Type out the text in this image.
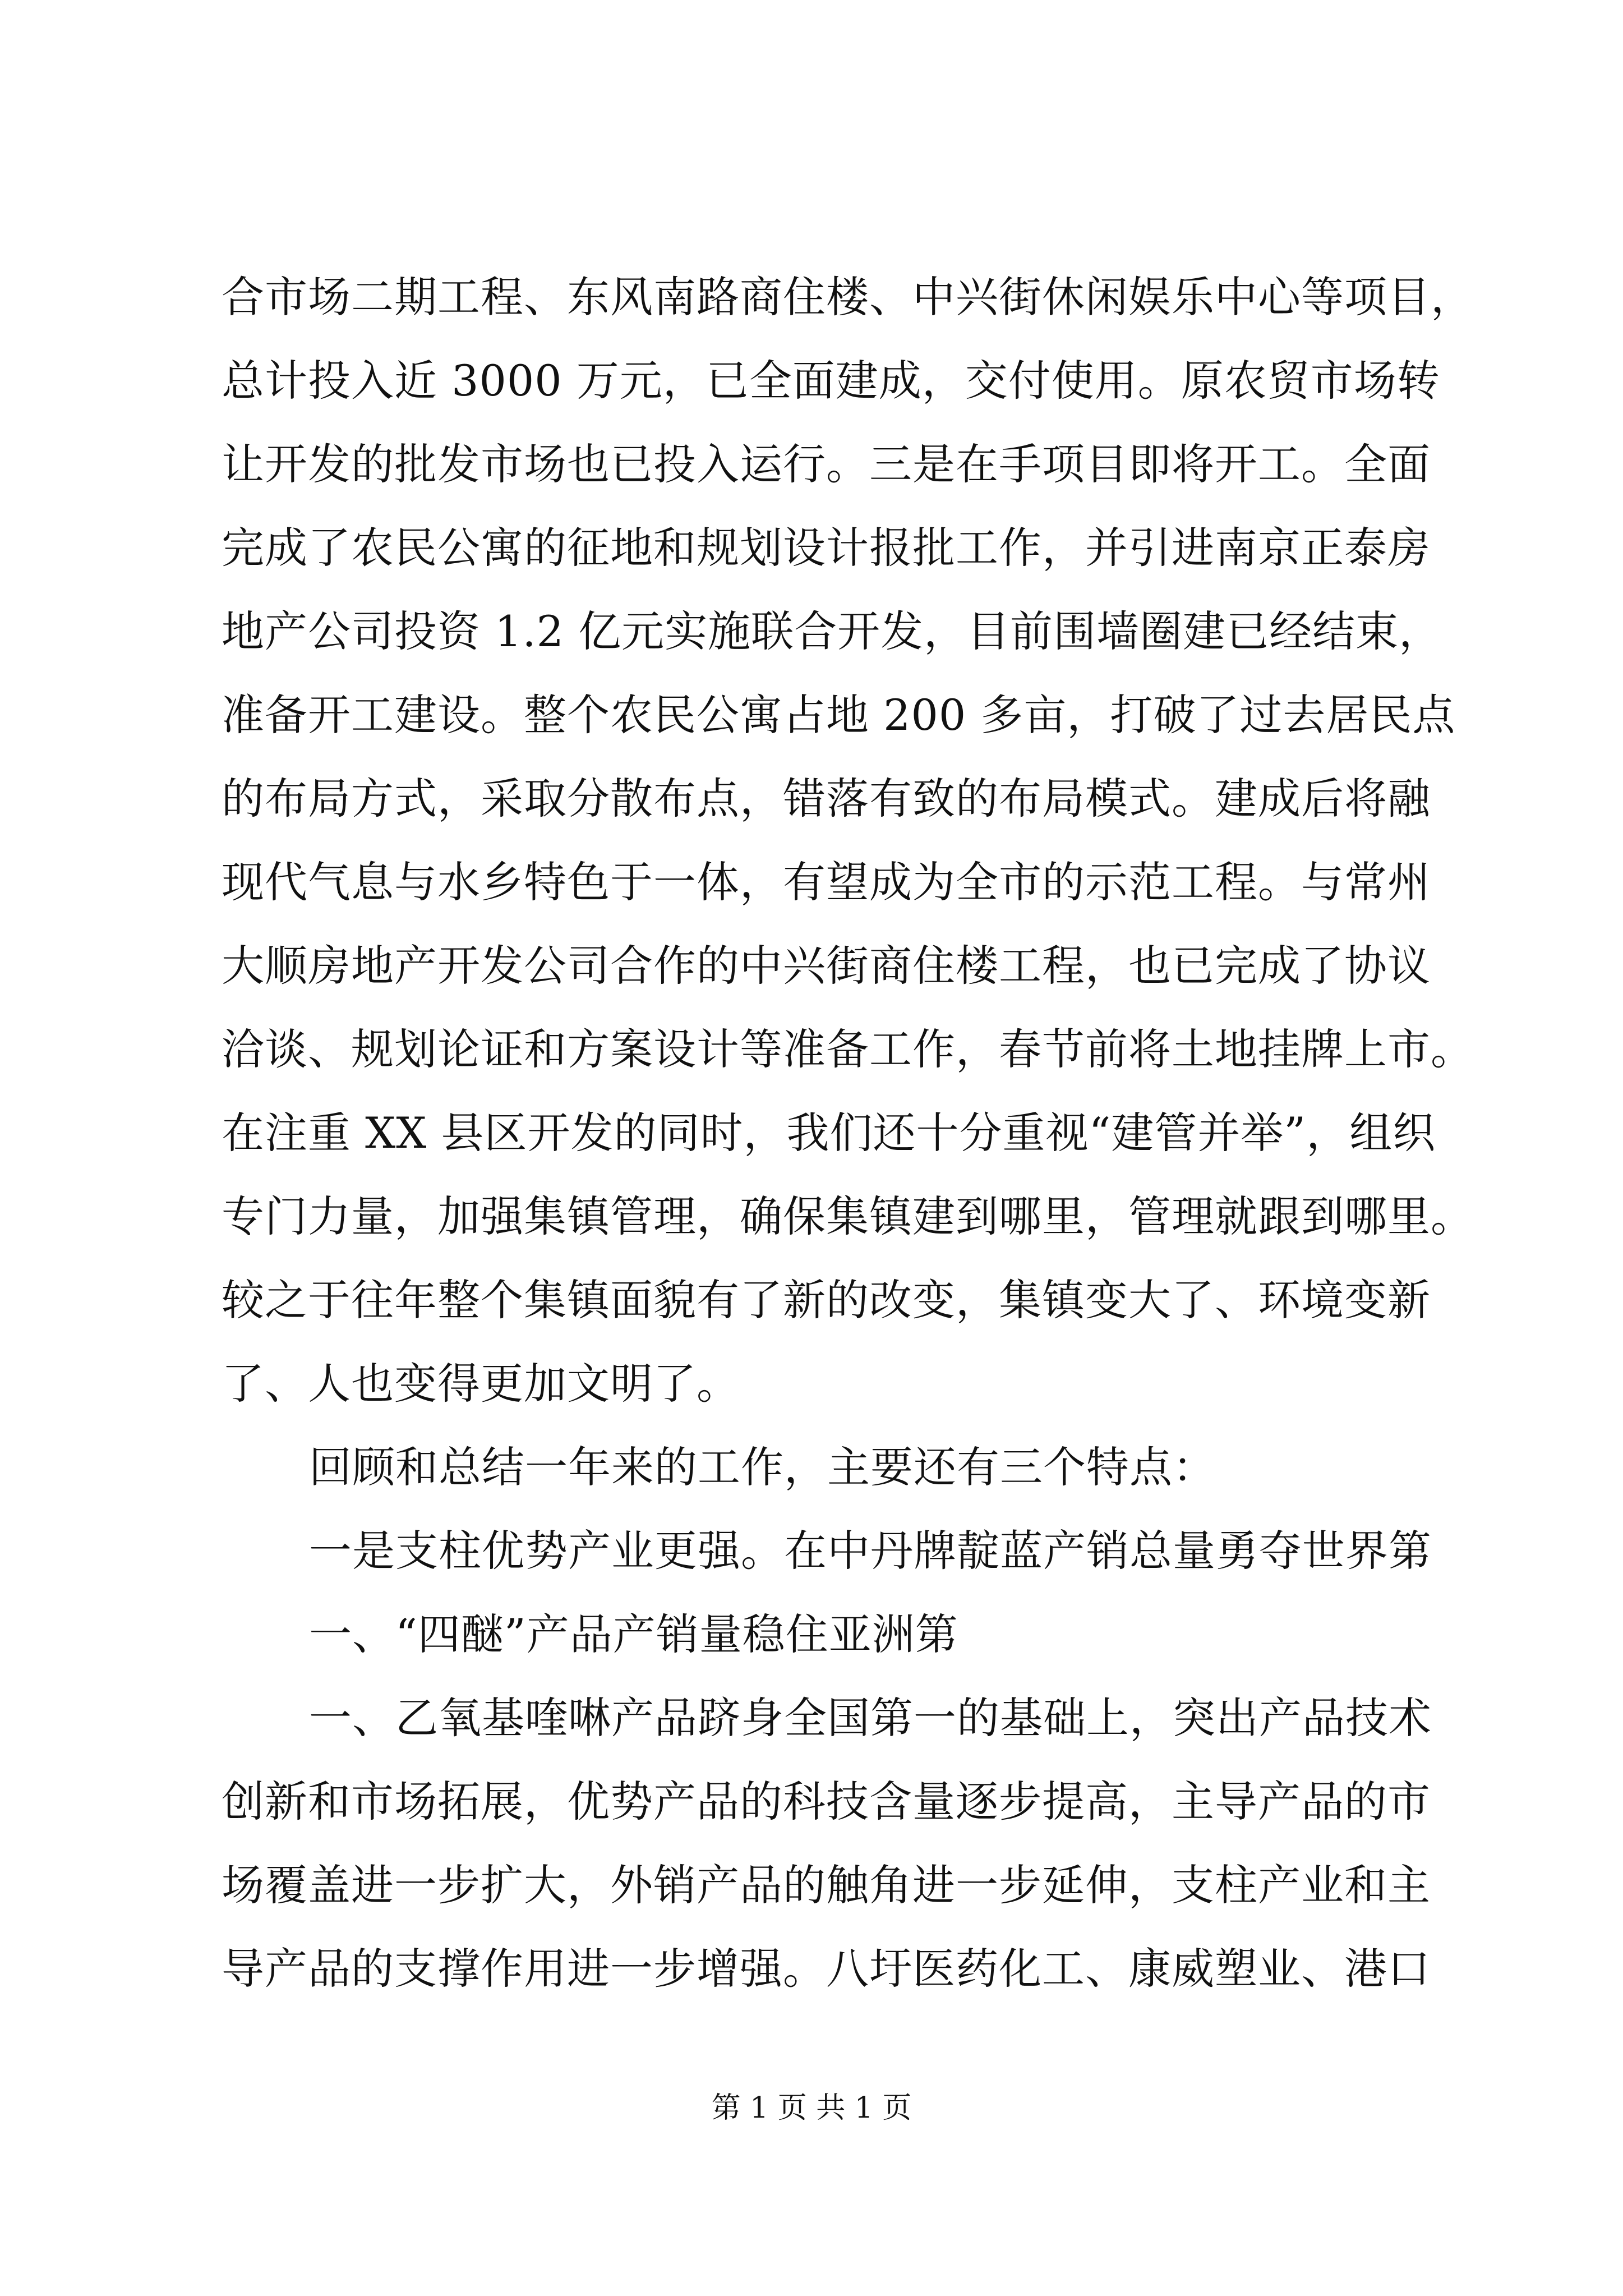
合市场二期工程、东风南路商住楼、中兴街休闲娱乐中心等项目，
总计投入近 3000 万元，已全面建成，交付使用。原农贸市场转
让开发的批发市场也已投入运行。三是在手项目即将开工。全面
完成了农民公寓的征地和规划设计报批工作，并引进南京正泰房
地产公司投资 1.2 亿元实施联合开发，目前围墙圈建已经结束，
准备开工建设。整个农民公寓占地 200 多亩，打破了过去居民点
的布局方式，采取分散布点，错落有致的布局模式。建成后将融
现代气息与水乡特色于一体，有望成为全市的示范工程。与常州
大顺房地产开发公司合作的中兴街商住楼工程，也已完成了协议
洽谈、规划论证和方案设计等准备工作，春节前将土地挂牌上市。
在注重 XX 县区开发的同时，我们还十分重视“建管并举”，组织
专门力量，加强集镇管理，确保集镇建到哪里，管理就跟到哪里。
较之于往年整个集镇面貌有了新的改变，集镇变大了、环境变新
了、人也变得更加文明了。
回顾和总结一年来的工作，主要还有三个特点：
一是支柱优势产业更强。在中丹牌靛蓝产销总量勇夺世界第
一、“四醚”产品产销量稳住亚洲第
一、乙氧基喹啉产品跻身全国第一的基础上，突出产品技术
创新和市场拓展，优势产品的科技含量逐步提高，主导产品的市
场覆盖进一步扩大，外销产品的触角进一步延伸，支柱产业和主
导产品的支撑作用进一步增强。八圩医药化工、康威塑业、港口
第 1 页 共 1 页
